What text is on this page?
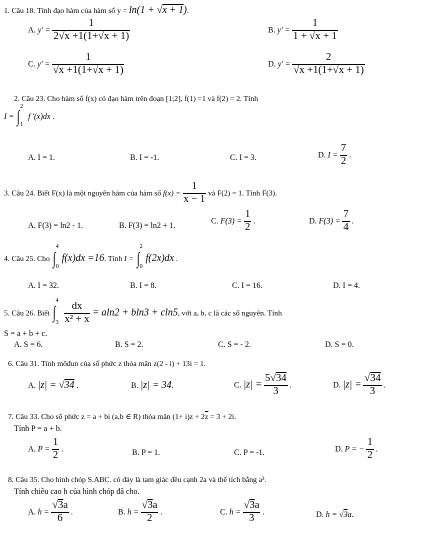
1. Câu 18. Tính đạo hàm của hàm số y = ln(1 + √x + 1).
A. $y' = \frac{1}{2√x +1(1+√x + 1)}$	B. $y' = \frac{1}{1 + √x + 1}$
C. $y' = \frac{1}{√x +1(1+√x + 1)}$	D. $y' = \frac{2}{√x +1(1+√x + 1)}$
2. Câu 23. Cho hàm số f(x) có đạo hàm trên đoạn [1;2], f(1) =1 và f(2) = 2. Tính
I =
2
∫ 1
f '(x)dx .
A. I = 1.	B. I = -1.	C. I = 3.	D. $I = \frac{7}{2}$ .
3. Câu 24. Biết F(x) là một nguyên hàm của hàm số $f(x) = \frac{1}{x - 1}$ và F(2) = 1. Tính F(3).
A. F(3) = ln2 - 1.	B. F(3) = ln2 + 1.
C. $F(3) = \frac{1}{2}$ .	D. $F(3) = \frac{7}{4}$ .
4. Câu 25. Cho
4
∫ 0
f(x)dx =16. Tính I =
2
∫ 0
f(2x)dx .
A. I = 32.	B. I = 8.	C. I = 16.	D. I = 4.
5. Câu 26. Biết
4
∫
3
$\frac{dx}{\text{x² + x}} = aln2 + bln3 + cln5$, với a, b, c là các số nguyên. Tính
S = a + b + c.
A. S = 6.	B. S = 2.	C. S = - 2.	D. S = 0.
6. Câu 31. Tính môđun của số phức z thỏa mãn z(2 - i) + 13i = 1.
A. |z| = √34 .	B. |z| = 34.	C. $|z| = \frac{5√34}{3}$ .	D. $|z| = \frac{√34}{3}$ .
7. Câu 33. Cho số phức z = a + bi (a,b ∈ R) thỏa mãn $(1+ i)z + 2\overline{z} = 3 + 2i$.
Tính P = a + b.
A. $P = \frac{1}{2}$ .	B. P = 1.	C. P = -1.	D. P = − $\frac{1}{2}$ .
8. Câu 35. Cho hình chóp S.ABC. có đáy là tam giác đều cạnh 2a và thể tích bằng a³.
Tính chiều cao h của hình chóp đã cho.
A. $h = \frac{√3a}{6}$ .	B. $h = \frac{√3a}{2}$ .	C. $h = \frac{√3a}{3}$ .	D. h = √3a.
